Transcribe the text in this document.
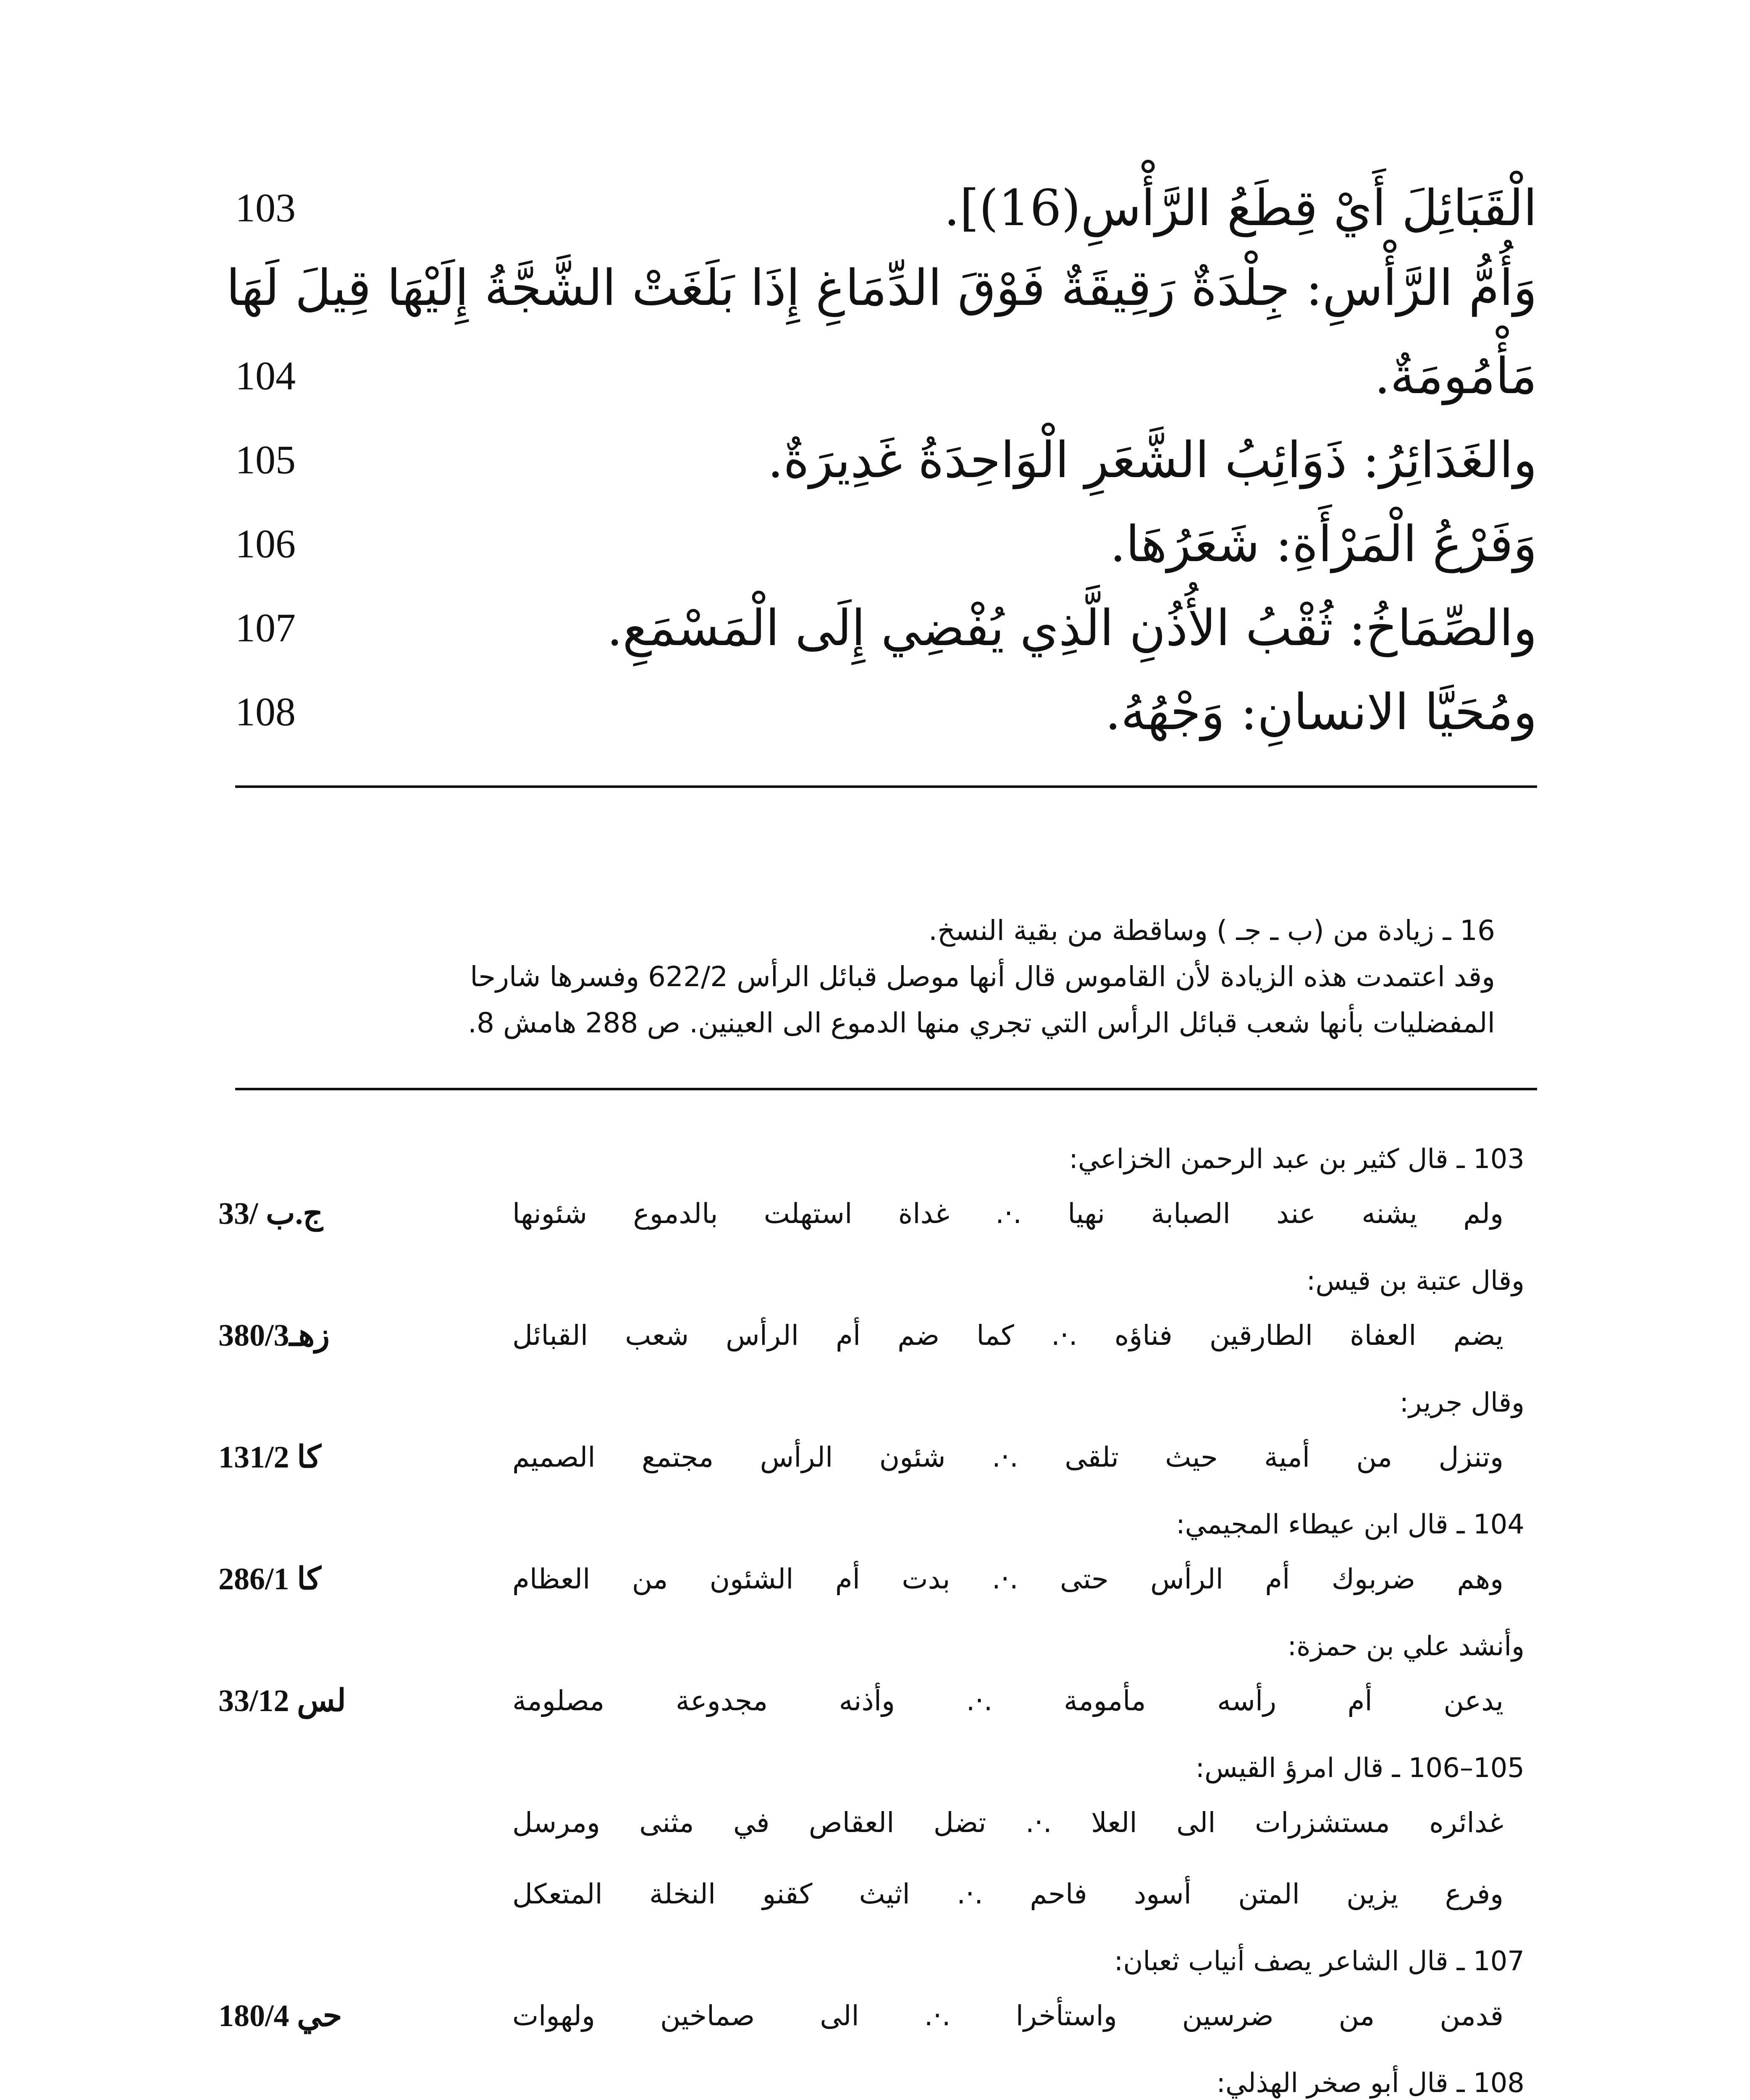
103	الْقَبَائِلَ أَيْ قِطَعُ الرَّأْسِ(16)].
وَأُمُّ الرَّأْسِ: جِلْدَةٌ رَقِيقَةٌ فَوْقَ الدِّمَاغِ إِذَا بَلَغَتْ الشَّجَّةُ إِلَيْهَا قِيلَ لَهَا
104	مَأْمُومَةٌ.
105	والغَدَائِرُ: ذَوَائِبُ الشَّعَرِ الْوَاحِدَةُ غَدِيرَةٌ.
106	وَفَرْعُ الْمَرْأَةِ: شَعَرُهَا.
107	والصِّمَاخُ: ثُقْبُ الأُذُنِ الَّذِي يُفْضِي إِلَى الْمَسْمَعِ.
108	ومُحَيَّا الانسانِ: وَجْهُهُ.
16 ـ زيادة من (ب ـ جـ ) وساقطة من بقية النسخ.
وقد اعتمدت هذه الزيادة لأن القاموس قال أنها موصل قبائل الرأس 622/2 وفسرها شارحا
المفضليات بأنها شعب قبائل الرأس التي تجري منها الدموع الى العينين. ص 288 هامش 8.
103 ـ قال كثير بن عبد الرحمن الخزاعي:
ج.ب /33	ولم يشنه عند الصبابة نهيا .·. غداة استهلت بالدموع شئونها
وقال عتبة بن قيس:
زهـ380/3	يضم العفاة الطارقين فناؤه .·. كما ضم أم الرأس شعب القبائل
وقال جرير:
كا 131/2	وتنزل من أمية حيث تلقى .·. شئون الرأس مجتمع الصميم
104 ـ قال ابن عيطاء المجيمي:
كا 286/1	وهم ضربوك أم الرأس حتى .·. بدت أم الشئون من العظام
وأنشد علي بن حمزة:
لس 33/12	يدعن أم رأسه مأمومة .·. وأذنه مجدوعة مصلومة
105–106 ـ قال امرؤ القيس:
غدائره مستشزرات الى العلا .·. تضل العقاص في مثنى ومرسل
وفرع يزين المتن أسود فاحم .·. اثيث كقنو النخلة المتعكل
107 ـ قال الشاعر يصف أنياب ثعبان:
حي 180/4	قدمن من ضرسين واستأخرا .·. الى صماخين ولهوات
108 ـ قال أبو صخر الهذلي:
